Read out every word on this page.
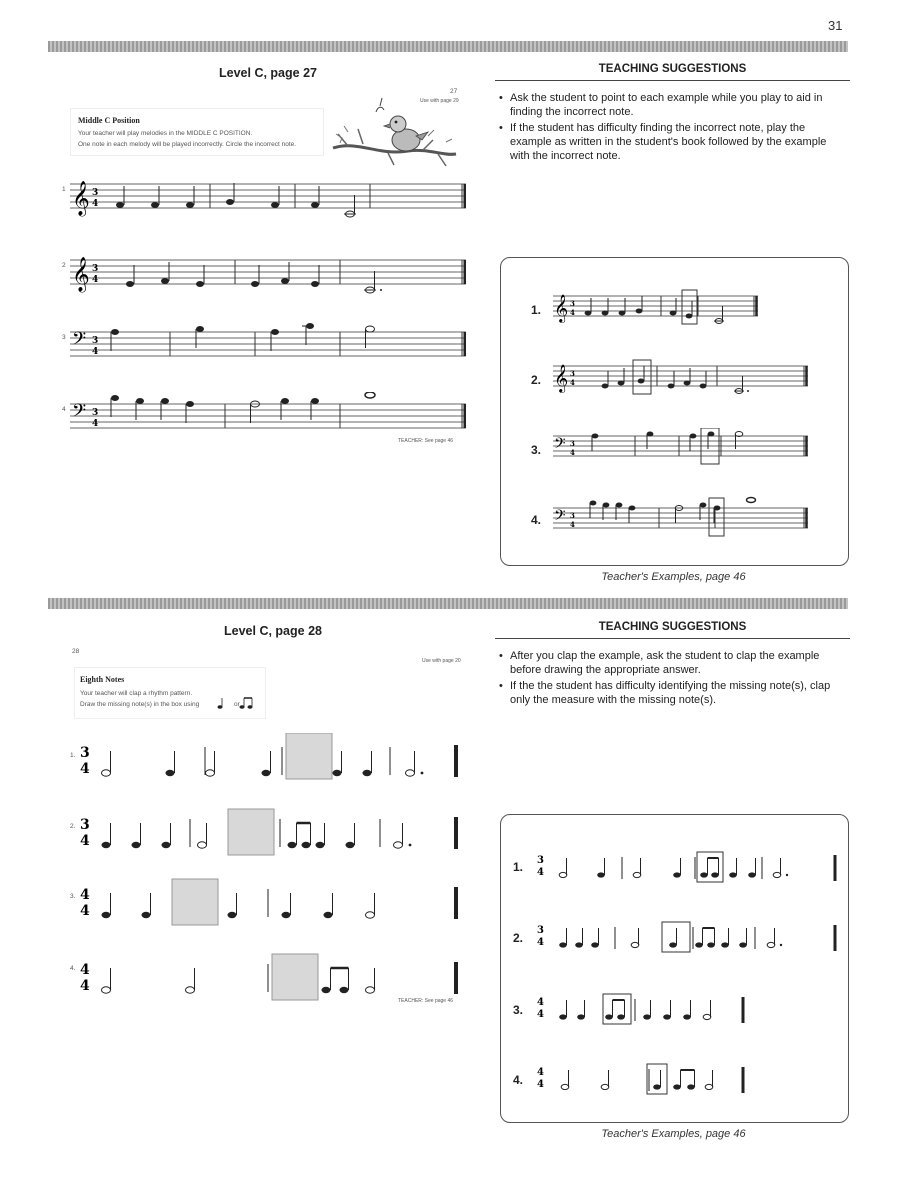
31
Level C, page 27
27
Use with page 29
Middle C Position
Your teacher will play melodies in the MIDDLE C POSITION.
One note in each melody will be played incorrectly. Circle the incorrect note.
1 𝄞 3
4
2 𝄞 3
4
3 𝄢 3
4
4 𝄢 3
4
TEACHER: See page 46
TEACHING SUGGESTIONS
• Ask the student to point to each example while you play to aid in finding the incorrect note.
• If the student has difficulty finding the incorrect note, play the example as written in the student's book followed by the example with the incorrect note.
1. 𝄞 3
4
2. 𝄞 3
4
3. 𝄢 3
4
4. 𝄢 3
4
Teacher's Examples, page 46
Level C, page 28
28
Use with page 20
Eighth Notes
Your teacher will clap a rhythm pattern.
Draw the missing note(s) in the box using	or
1. 3
4
2. 3
4
3. 4
4
4. 4
4
TEACHER: See page 46
TEACHING SUGGESTIONS
• After you clap the example, ask the student to clap the example before drawing the appropriate answer.
• If the the student has difficulty identifying the missing note(s), clap only the measure with the missing note(s).
1. 3
4
2.
3
4
3.
4
4
4.
4
4
Teacher's Examples, page 46
